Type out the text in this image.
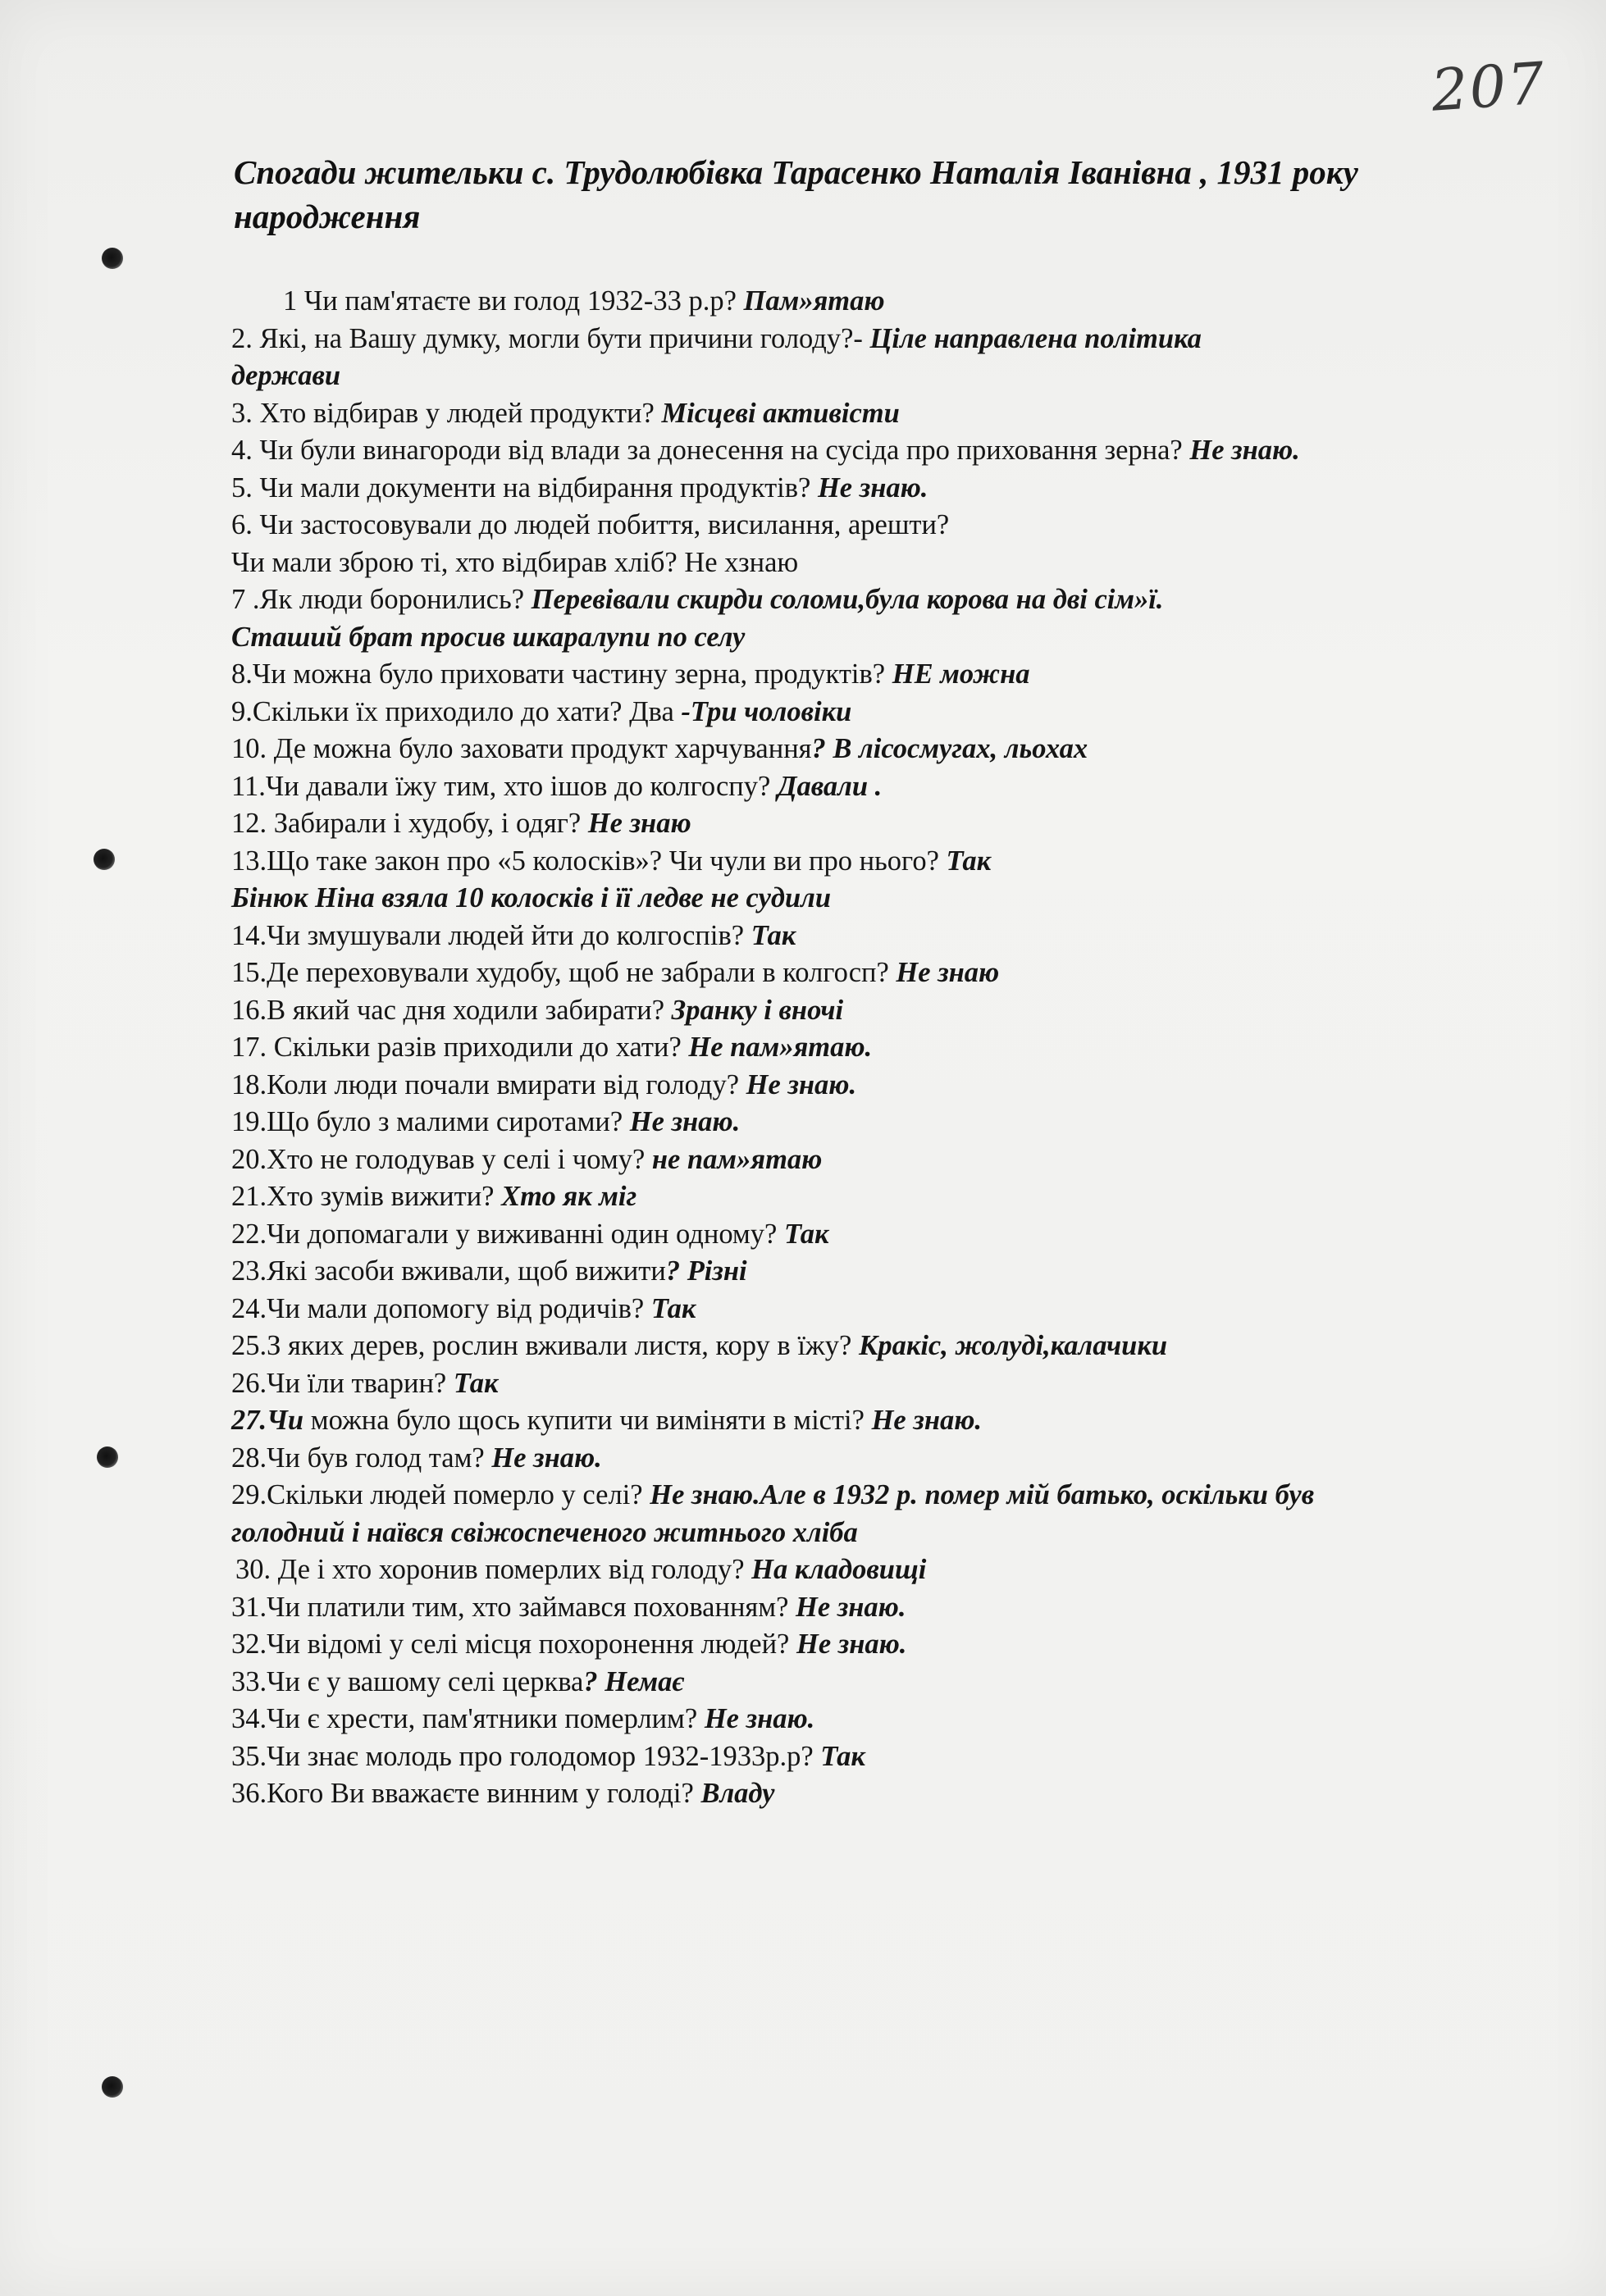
207
Спогади жительки с. Трудолюбівка Тарасенко Наталія Іванівна , 1931 року народження
1 Чи пам'ятаєте ви голод 1932-33 р.р? Пам»ятаю
2. Які, на Вашу думку, могли бути причини голоду?- Ціле направлена політика
держави
3. Хто відбирав у людей продукти? Місцеві активісти
4. Чи були винагороди від влади за донесення на сусіда про приховання зерна? Не знаю.
5. Чи мали документи на відбирання продуктів? Не знаю.
6. Чи застосовували до людей побиття, висилання, арешти?
Чи мали зброю ті, хто відбирав хліб? Не хзнаю
7 .Як люди боронились? Перевівали скирди соломи,була корова на дві сім»ї.
Сташий брат просив шкаралупи по селу
8.Чи можна було приховати частину зерна, продуктів? НЕ можна
9.Скільки їх приходило до хати? Два -Три чоловіки
10. Де можна було заховати продукт харчування? В лісосмугах, льохах
11.Чи давали їжу тим, хто ішов до колгоспу? Давали .
12. Забирали і худобу, і одяг? Не знаю
13.Що таке закон про «5 колосків»? Чи чули ви про нього? Так
Бінюк Ніна взяла 10 колосків і її ледве не судили
14.Чи змушували людей йти до колгоспів? Так
15.Де переховували худобу, щоб не забрали в колгосп? Не знаю
16.В який час дня ходили забирати? Зранку і вночі
17. Скільки разів приходили до хати? Не пам»ятаю.
18.Коли люди почали вмирати від голоду? Не знаю.
19.Що було з малими сиротами? Не знаю.
20.Хто не голодував у селі і чому? не пам»ятаю
21.Хто зумів вижити? Хто як міг
22.Чи допомагали у виживанні один одному? Так
23.Які засоби вживали, щоб вижити? Різні
24.Чи мали допомогу від родичів? Так
25.З яких дерев, рослин вживали листя, кору в їжу? Кракіс, жолуді,калачики
26.Чи їли тварин? Так
27.Чи можна було щось купити чи виміняти в місті? Не знаю.
28.Чи був голод там? Не знаю.
29.Скільки людей померло у селі? Не знаю.Але в 1932 р. помер мій батько, оскільки був
голодний і наївся свіжоспеченого житнього хліба
30. Де і хто хоронив померлих від голоду? На кладовищі
31.Чи платили тим, хто займався похованням? Не знаю.
32.Чи відомі у селі місця похоронення людей? Не знаю.
33.Чи є у вашому селі церква? Немає
34.Чи є хрести, пам'ятники померлим? Не знаю.
35.Чи знає молодь про голодомор 1932-1933р.р? Так
36.Кого Ви вважаєте винним у голоді? Владу
